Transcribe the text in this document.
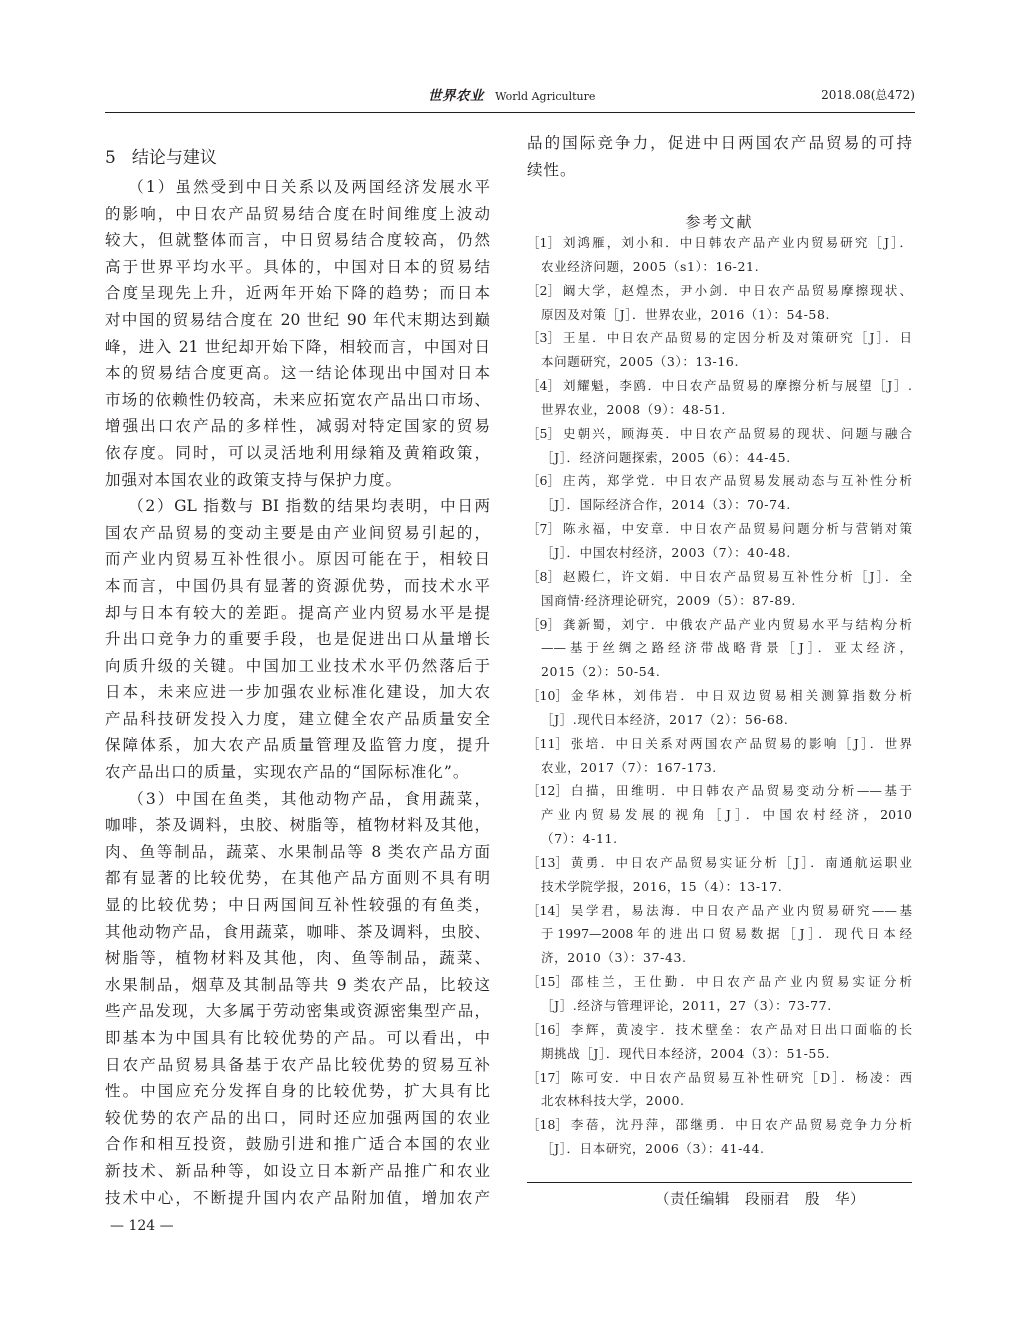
世界农业 World Agriculture	2018.08(总472)
5 结论与建议
（1）虽然受到中日关系以及两国经济发展水平
的影响，中日农产品贸易结合度在时间维度上波动
较大，但就整体而言，中日贸易结合度较高，仍然
高于世界平均水平。具体的，中国对日本的贸易结
合度呈现先上升，近两年开始下降的趋势；而日本
对中国的贸易结合度在 20 世纪 90 年代末期达到巅
峰，进入 21 世纪却开始下降，相较而言，中国对日
本的贸易结合度更高。这一结论体现出中国对日本
市场的依赖性仍较高，未来应拓宽农产品出口市场、
增强出口农产品的多样性，减弱对特定国家的贸易
依存度。同时，可以灵活地利用绿箱及黄箱政策，
加强对本国农业的政策支持与保护力度。
（2）GL 指数与 BI 指数的结果均表明，中日两
国农产品贸易的变动主要是由产业间贸易引起的，
而产业内贸易互补性很小。原因可能在于，相较日
本而言，中国仍具有显著的资源优势，而技术水平
却与日本有较大的差距。提高产业内贸易水平是提
升出口竞争力的重要手段，也是促进出口从量增长
向质升级的关键。中国加工业技术水平仍然落后于
日本，未来应进一步加强农业标准化建设，加大农
产品科技研发投入力度，建立健全农产品质量安全
保障体系，加大农产品质量管理及监管力度，提升
农产品出口的质量，实现农产品的“国际标准化”。
（3）中国在鱼类，其他动物产品，食用蔬菜，
咖啡，茶及调料，虫胶、树脂等，植物材料及其他，
肉、鱼等制品，蔬菜、水果制品等 8 类农产品方面
都有显著的比较优势，在其他产品方面则不具有明
显的比较优势；中日两国间互补性较强的有鱼类，
其他动物产品，食用蔬菜，咖啡、茶及调料，虫胶、
树脂等，植物材料及其他，肉、鱼等制品，蔬菜、
水果制品，烟草及其制品等共 9 类农产品，比较这
些产品发现，大多属于劳动密集或资源密集型产品，
即基本为中国具有比较优势的产品。可以看出，中
日农产品贸易具备基于农产品比较优势的贸易互补
性。中国应充分发挥自身的比较优势，扩大具有比
较优势的农产品的出口，同时还应加强两国的农业
合作和相互投资，鼓励引进和推广适合本国的农业
新技术、新品种等，如设立日本新产品推广和农业
技术中心，不断提升国内农产品附加值，增加农产
品的国际竞争力，促进中日两国农产品贸易的可持
续性。
参考文献
［1］ 刘鸿雁，刘小和．中日韩农产品产业内贸易研究［J］．
农业经济问题，2005（s1）：16-21.
［2］ 阚大学，赵煌杰，尹小剑．中日农产品贸易摩擦现状、
原因及对策［J］．世界农业，2016（1）：54-58.
［3］ 王星．中日农产品贸易的定因分析及对策研究［J］．日
本问题研究，2005（3）：13-16.
［4］ 刘耀魁，李鸥．中日农产品贸易的摩擦分析与展望［J］.
世界农业，2008（9）：48-51.
［5］ 史朝兴，顾海英．中日农产品贸易的现状、问题与融合
［J］．经济问题探索，2005（6）：44-45.
［6］ 庄芮，郑学党．中日农产品贸易发展动态与互补性分析
［J］．国际经济合作，2014（3）：70-74.
［7］ 陈永福，中安章．中日农产品贸易问题分析与营销对策
［J］．中国农村经济，2003（7）：40-48.
［8］ 赵殿仁，许文娟．中日农产品贸易互补性分析［J］．全
国商情·经济理论研究，2009（5）：87-89.
［9］ 龚新蜀，刘宁．中俄农产品产业内贸易水平与结构分析
——基于丝绸之路经济带战略背景［J］．亚太经济，
2015（2）：50-54.
［10］ 金华林，刘伟岩．中日双边贸易相关测算指数分析
［J］.现代日本经济，2017（2）：56-68.
［11］ 张培．中日关系对两国农产品贸易的影响［J］．世界
农业，2017（7）：167-173.
［12］ 白描，田维明．中日韩农产品贸易变动分析——基于
产业内贸易发展的视角［J］．中国农村经济，2010
（7）：4-11.
［13］ 黄勇．中日农产品贸易实证分析［J］．南通航运职业
技术学院学报，2016，15（4）：13-17.
［14］ 吴学君，易法海．中日农产品产业内贸易研究——基
于1997—2008年的进出口贸易数据［J］．现代日本经
济，2010（3）：37-43.
［15］ 邵桂兰，王仕勤．中日农产品产业内贸易实证分析
［J］.经济与管理评论，2011，27（3）：73-77.
［16］ 李辉，黄凌宇．技术壁垒：农产品对日出口面临的长
期挑战［J］．现代日本经济，2004（3）：51-55.
［17］ 陈可安．中日农产品贸易互补性研究［D］．杨凌：西
北农林科技大学，2000.
［18］ 李蓓，沈丹萍，邵继勇．中日农产品贸易竞争力分析
［J］．日本研究，2006（3）：41-44.
（责任编辑　段丽君　殷　华）
— 124 —
